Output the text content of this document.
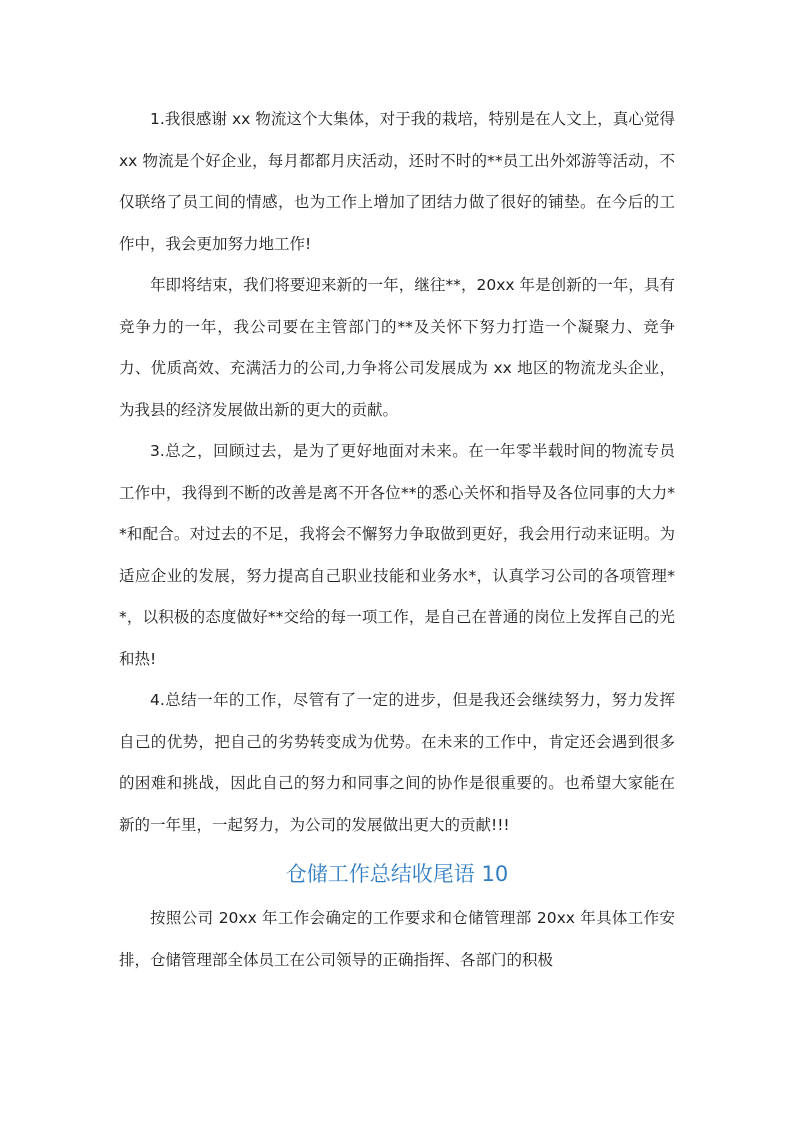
1.我很感谢 xx 物流这个大集体，对于我的栽培，特别是在人文上，真心觉得 xx 物流是个好企业，每月都都月庆活动，还时不时的**员工出外郊游等活动，不仅联络了员工间的情感，也为工作上增加了团结力做了很好的铺垫。在今后的工作中，我会更加努力地工作!

年即将结束，我们将要迎来新的一年，继往**，20xx 年是创新的一年，具有竞争力的一年，我公司要在主管部门的**及关怀下努力打造一个凝聚力、竞争力、优质高效、充满活力的公司,力争将公司发展成为 xx 地区的物流龙头企业，为我县的经济发展做出新的更大的贡献。

3.总之，回顾过去，是为了更好地面对未来。在一年零半载时间的物流专员工作中，我得到不断的改善是离不开各位**的悉心关怀和指导及各位同事的大力**和配合。对过去的不足，我将会不懈努力争取做到更好，我会用行动来证明。为适应企业的发展，努力提高自己职业技能和业务水*，认真学习公司的各项管理**，以积极的态度做好**交给的每一项工作，是自己在普通的岗位上发挥自己的光和热!

4.总结一年的工作，尽管有了一定的进步，但是我还会继续努力，努力发挥自己的优势，把自己的劣势转变成为优势。在未来的工作中，肯定还会遇到很多的困难和挑战，因此自己的努力和同事之间的协作是很重要的。也希望大家能在新的一年里，一起努力，为公司的发展做出更大的贡献!!!

仓储工作总结收尾语 10

按照公司 20xx 年工作会确定的工作要求和仓储管理部 20xx 年具体工作安排，仓储管理部全体员工在公司领导的正确指挥、各部门的积极
